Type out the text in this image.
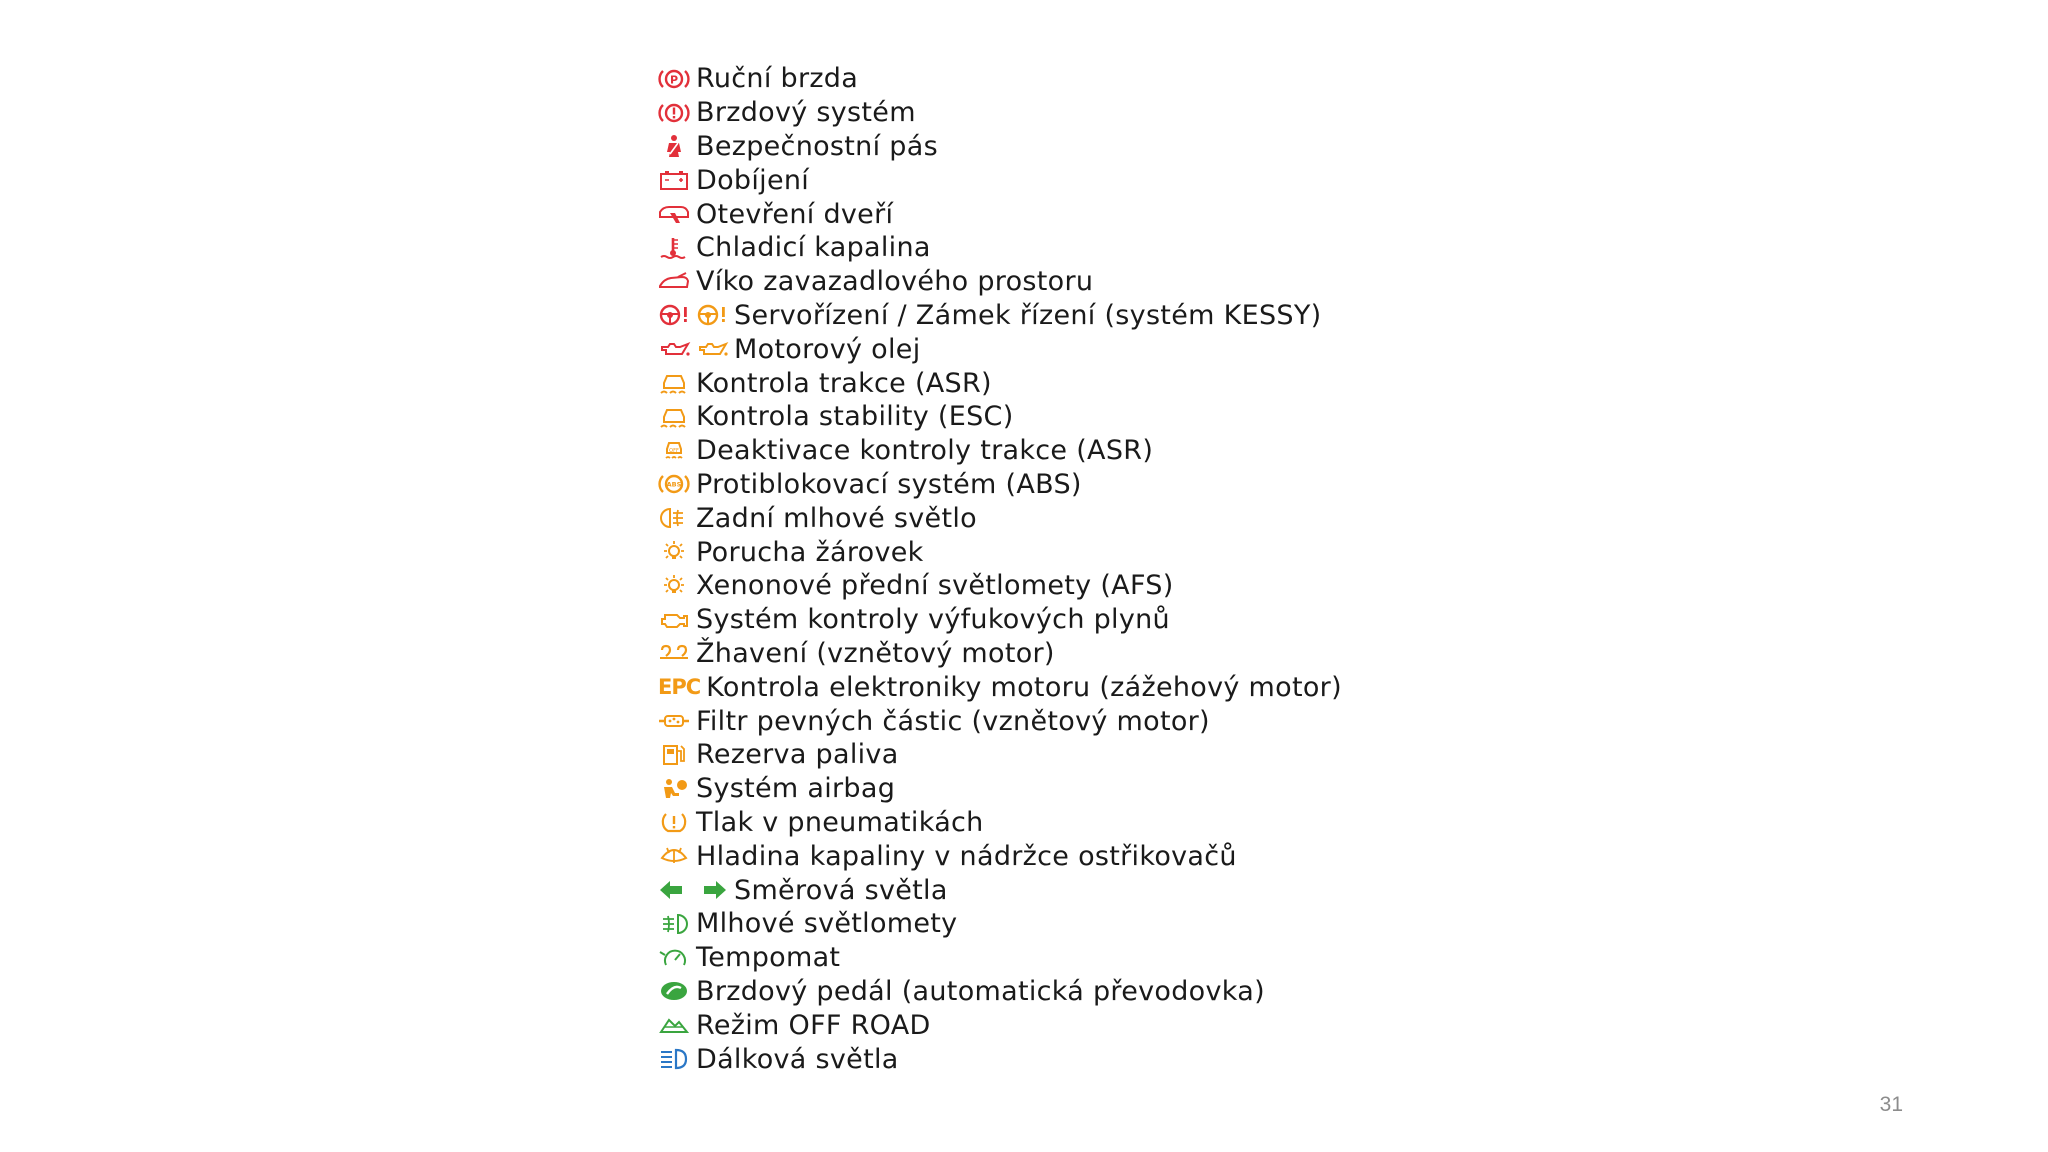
P Ruční brzda
Brzdový systém
Bezpečnostní pás
Dobíjení
Otevření dveří
Chladicí kapalina
Víko zavazadlového prostoru
Servořízení / Zámek řízení (systém KESSY)
Motorový olej
Kontrola trakce (ASR)
Kontrola stability (ESC)
OFF Deaktivace kontroly trakce (ASR)
ABS Protiblokovací systém (ABS)
Zadní mlhové světlo
Porucha žárovek
Xenonové přední světlomety (AFS)
Systém kontroly výfukových plynů
Žhavení (vznětový motor)
EPC Kontrola elektroniky motoru (zážehový motor)
Filtr pevných částic (vznětový motor)
Rezerva paliva
Systém airbag
Tlak v pneumatikách
Hladina kapaliny v nádržce ostřikovačů
Směrová světla
Mlhové světlomety
Tempomat
Brzdový pedál (automatická převodovka)
Režim OFF ROAD
Dálková světla
31
